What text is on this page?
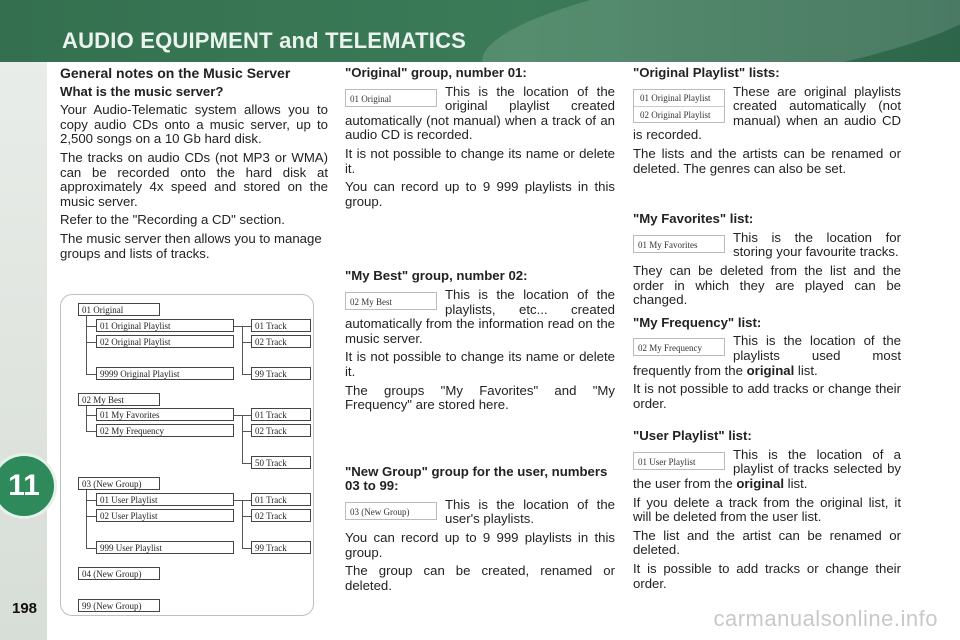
AUDIO EQUIPMENT and TELEMATICS
11
198	carmanualsonline.info
General notes on the Music Server
What is the music server?

Your Audio-Telematic system allows you to copy audio CDs onto a music server, up to 2,500 songs on a 10 Gb hard disk.

The tracks on audio CDs (not MP3 or WMA) can be recorded onto the hard disk at approximately 4x speed and stored on the music server.

Refer to the "Recording a CD" section.

The music server then allows you to manage groups and lists of tracks.

01 Original
01 Original Playlist
02 Original Playlist
9999 Original Playlist
01 Track
02 Track
99 Track
02 My Best
01 My Favorites
02 My Frequency
01 Track
02 Track
50 Track
03 (New Group)
01 User Playlist
02 User Playlist
999 User Playlist
01 Track
02 Track
99 Track
04 (New Group)
99 (New Group)
"Original" group, number 01:
01 Original	This is the location of the original playlist created automatically (not manual) when a track of an audio CD is recorded.

It is not possible to change its name or delete it.

You can record up to 9 999 playlists in this group.

"My Best" group, number 02:
02 My Best	This is the location of the playlists, etc... created automatically from the information read on the music server.

It is not possible to change its name or delete it.

The groups "My Favorites" and "My Frequency" are stored here.

"New Group" group for the user, numbers 03 to 99:
03 (New Group)	This is the location of the user's playlists.

You can record up to 9 999 playlists in this group.

The group can be created, renamed or deleted.

"Original Playlist" lists:
01 Original Playlist
02 Original Playlist

These are original playlists created automatically (not manual) when an audio CD is recorded.

The lists and the artists can be renamed or deleted. The genres can also be set.

"My Favorites" list:
01 My Favorites	This is the location for storing your favourite tracks.

They can be deleted from the list and the order in which they are played can be changed.

"My Frequency" list:
02 My Frequency	This is the location of the playlists used most frequently from the original list.

It is not possible to add tracks or change their order.

"User Playlist" list:
01 User Playlist	This is the location of a playlist of tracks selected by the user from the original list.

If you delete a track from the original list, it will be deleted from the user list.

The list and the artist can be renamed or deleted.

It is possible to add tracks or change their order.
